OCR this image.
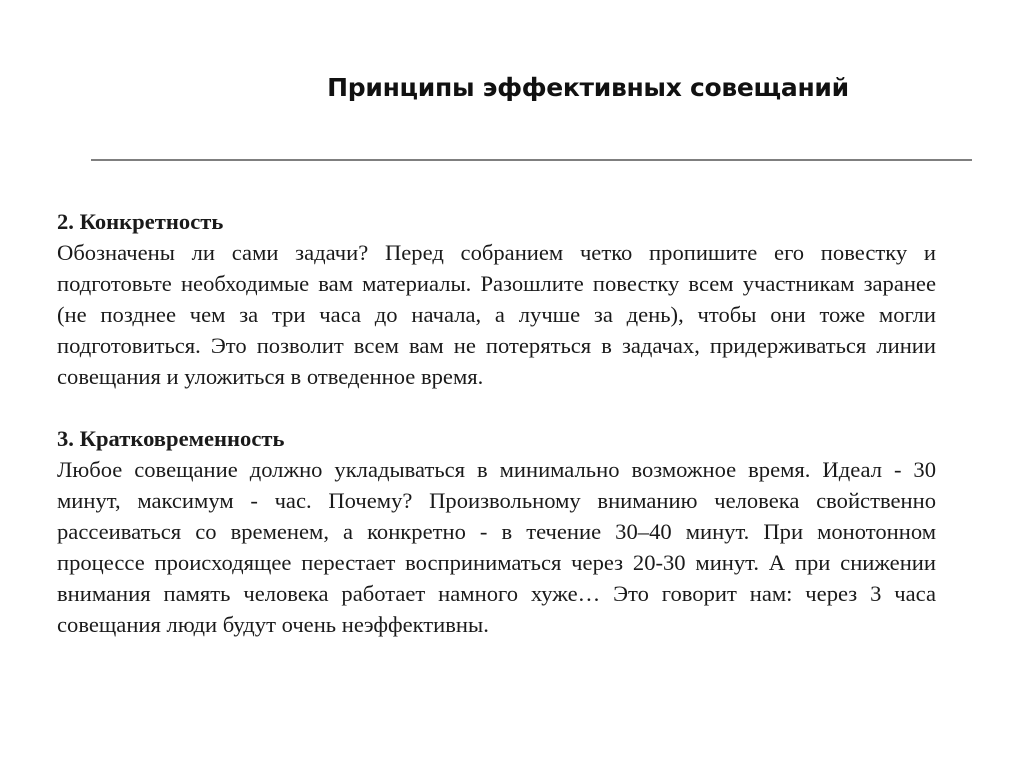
Принципы эффективных совещаний
2. Конкретность

Обозначены ли сами задачи? Перед собранием четко пропишите его повестку и подготовьте необходимые вам материалы. Разошлите повестку всем участникам заранее (не позднее чем за три часа до начала, а лучше за день), чтобы они тоже могли подготовиться. Это позволит всем вам не потеряться в задачах, придерживаться линии совещания и уложиться в отведенное время.

3. Кратковременность

Любое совещание должно укладываться в минимально возможное время. Идеал - 30 минут, максимум - час. Почему? Произвольному вниманию человека свойственно рассеиваться со временем, а конкретно - в течение 30–40 минут. При монотонном процессе происходящее перестает восприниматься через 20-30 минут. А при снижении внимания память человека работает намного хуже… Это говорит нам: через 3 часа совещания люди будут очень неэффективны.
